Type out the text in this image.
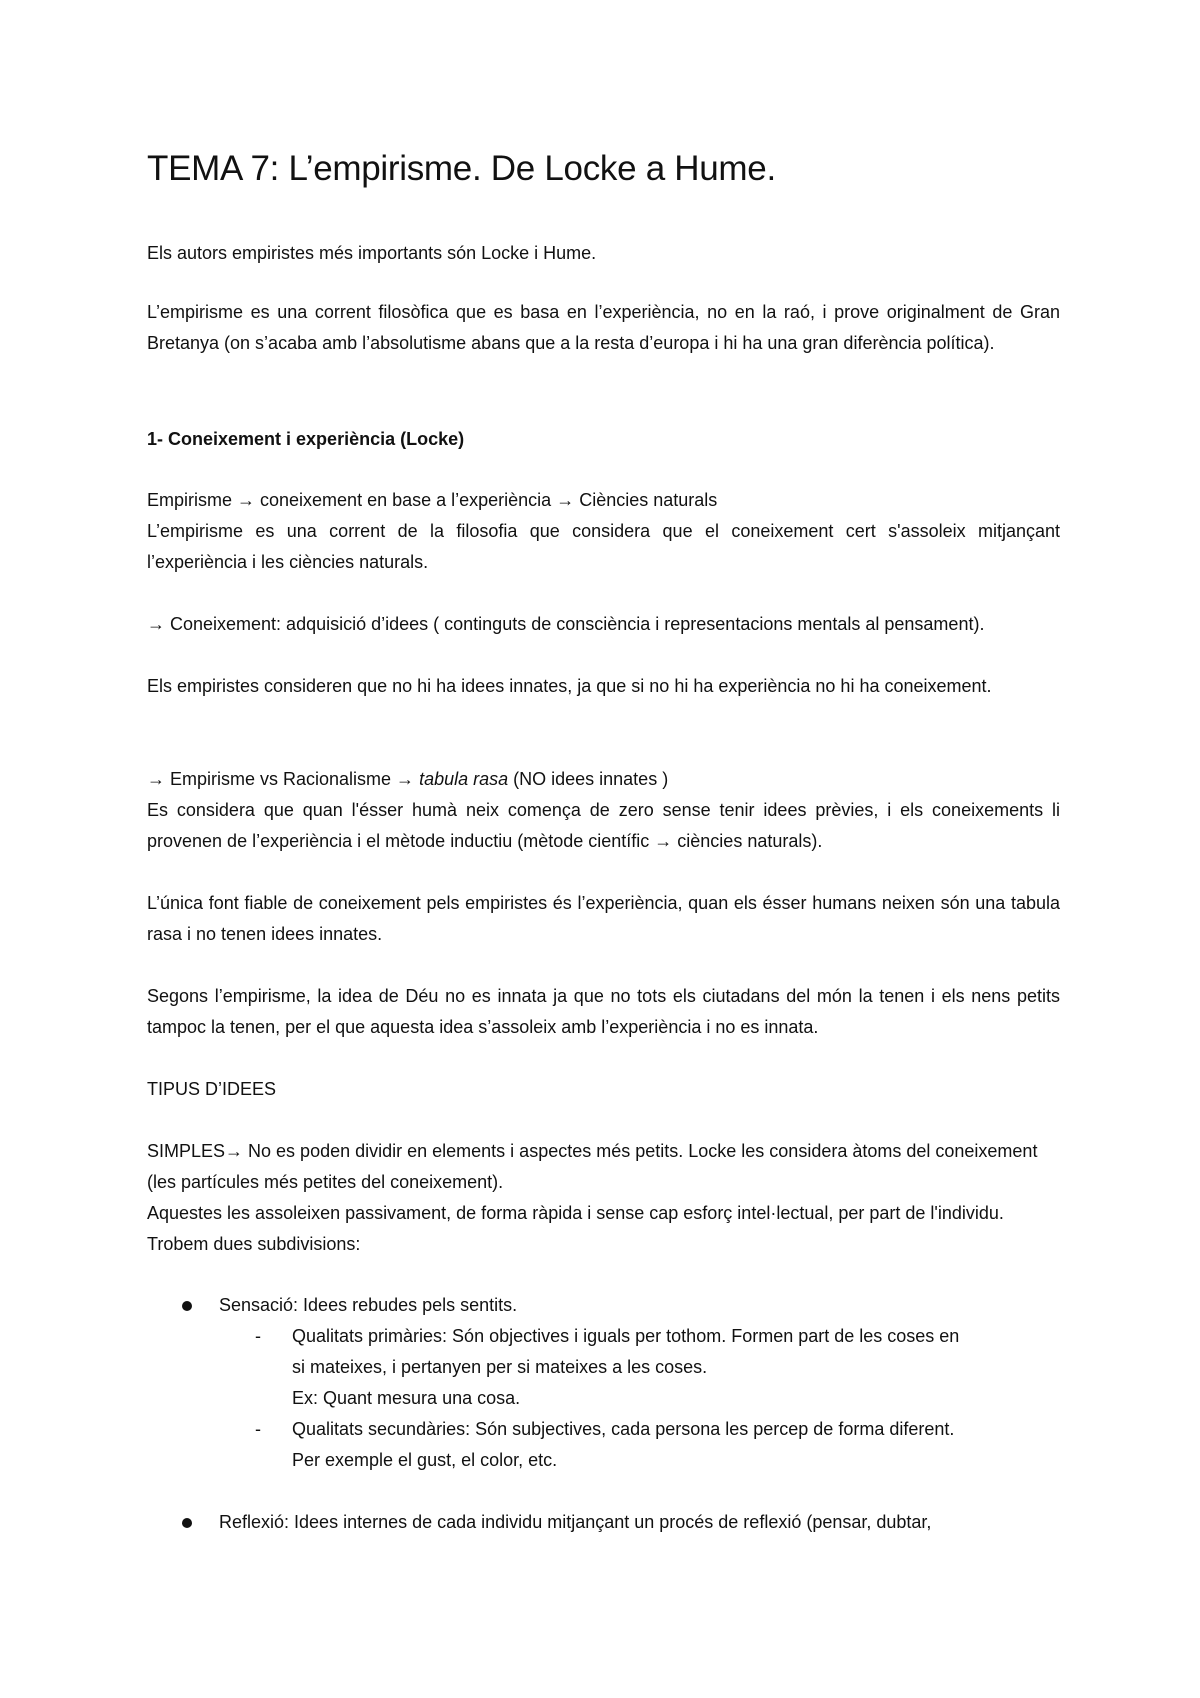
TEMA 7: L’empirisme. De Locke a Hume.

Els autors empiristes més importants són Locke i Hume.

L’empirisme es una corrent filosòfica que es basa en l’experiència, no en la raó, i prove originalment de Gran Bretanya (on s’acaba amb l’absolutisme abans que a la resta d’europa i hi ha una gran diferència política).

1- Coneixement i experiència (Locke)

Empirisme → coneixement en base a l’experiència → Ciències naturals

L’empirisme es una corrent de la filosofia que considera que el coneixement cert s'assoleix mitjançant l’experiència i les ciències naturals.

→ Coneixement: adquisició d’idees ( continguts de consciència i representacions mentals al pensament).

Els empiristes consideren que no hi ha idees innates, ja que si no hi ha experiència no hi ha coneixement.

→ Empirisme vs Racionalisme → tabula rasa (NO idees innates )

Es considera que quan l'ésser humà neix comença de zero sense tenir idees prèvies, i els coneixements li provenen de l’experiència i el mètode inductiu (mètode científic → ciències naturals).

L’única font fiable de coneixement pels empiristes és l’experiència, quan els ésser humans neixen són una tabula rasa i no tenen idees innates.

Segons l’empirisme, la idea de Déu no es innata ja que no tots els ciutadans del món la tenen i els nens petits tampoc la tenen, per el que aquesta idea s’assoleix amb l’experiència i no es innata.

TIPUS D’IDEES

SIMPLES→ No es poden dividir en elements i aspectes més petits. Locke les considera àtoms del coneixement (les partícules més petites del coneixement).

Aquestes les assoleixen passivament, de forma ràpida i sense cap esforç intel·lectual, per part de l'individu. Trobem dues subdivisions:

Sensació: Idees rebudes pels sentits.
- Qualitats primàries: Són objectives i iguals per tothom. Formen part de les coses en
si mateixes, i pertanyen per si mateixes a les coses.
Ex: Quant mesura una cosa.
- Qualitats secundàries: Són subjectives, cada persona les percep de forma diferent.
Per exemple el gust, el color, etc.
Reflexió: Idees internes de cada individu mitjançant un procés de reflexió (pensar, dubtar,
